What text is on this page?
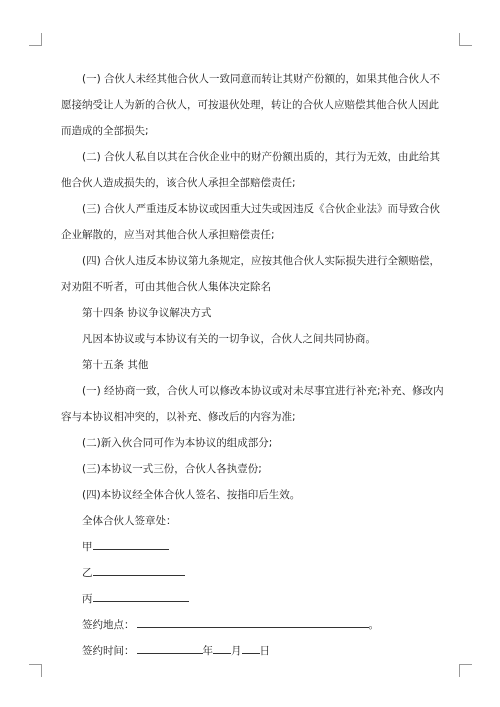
(一) 合伙人未经其他合伙人一致同意而转让其财产份额的，如果其他合伙人不愿接纳受让人为新的合伙人，可按退伙处理，转让的合伙人应赔偿其他合伙人因此而造成的全部损失;

(二) 合伙人私自以其在合伙企业中的财产份额出质的，其行为无效，由此给其他合伙人造成损失的，该合伙人承担全部赔偿责任;

(三) 合伙人严重违反本协议或因重大过失或因违反《合伙企业法》而导致合伙企业解散的，应当对其他合伙人承担赔偿责任;

(四) 合伙人违反本协议第九条规定，应按其他合伙人实际损失进行全额赔偿，对劝阻不听者，可由其他合伙人集体决定除名

第十四条 协议争议解决方式

凡因本协议或与本协议有关的一切争议，合伙人之间共同协商。

第十五条 其他

(一) 经协商一致，合伙人可以修改本协议或对未尽事宜进行补充;补充、修改内容与本协议相冲突的，以补充、修改后的内容为准;

(二)新入伙合同可作为本协议的组成部分;

(三)本协议一式三份，合伙人各执壹份;

(四)本协议经全体合伙人签名、按指印后生效。

全体合伙人签章处：

甲
乙
丙
签约地点：	。
签约时间：	年 月 日
